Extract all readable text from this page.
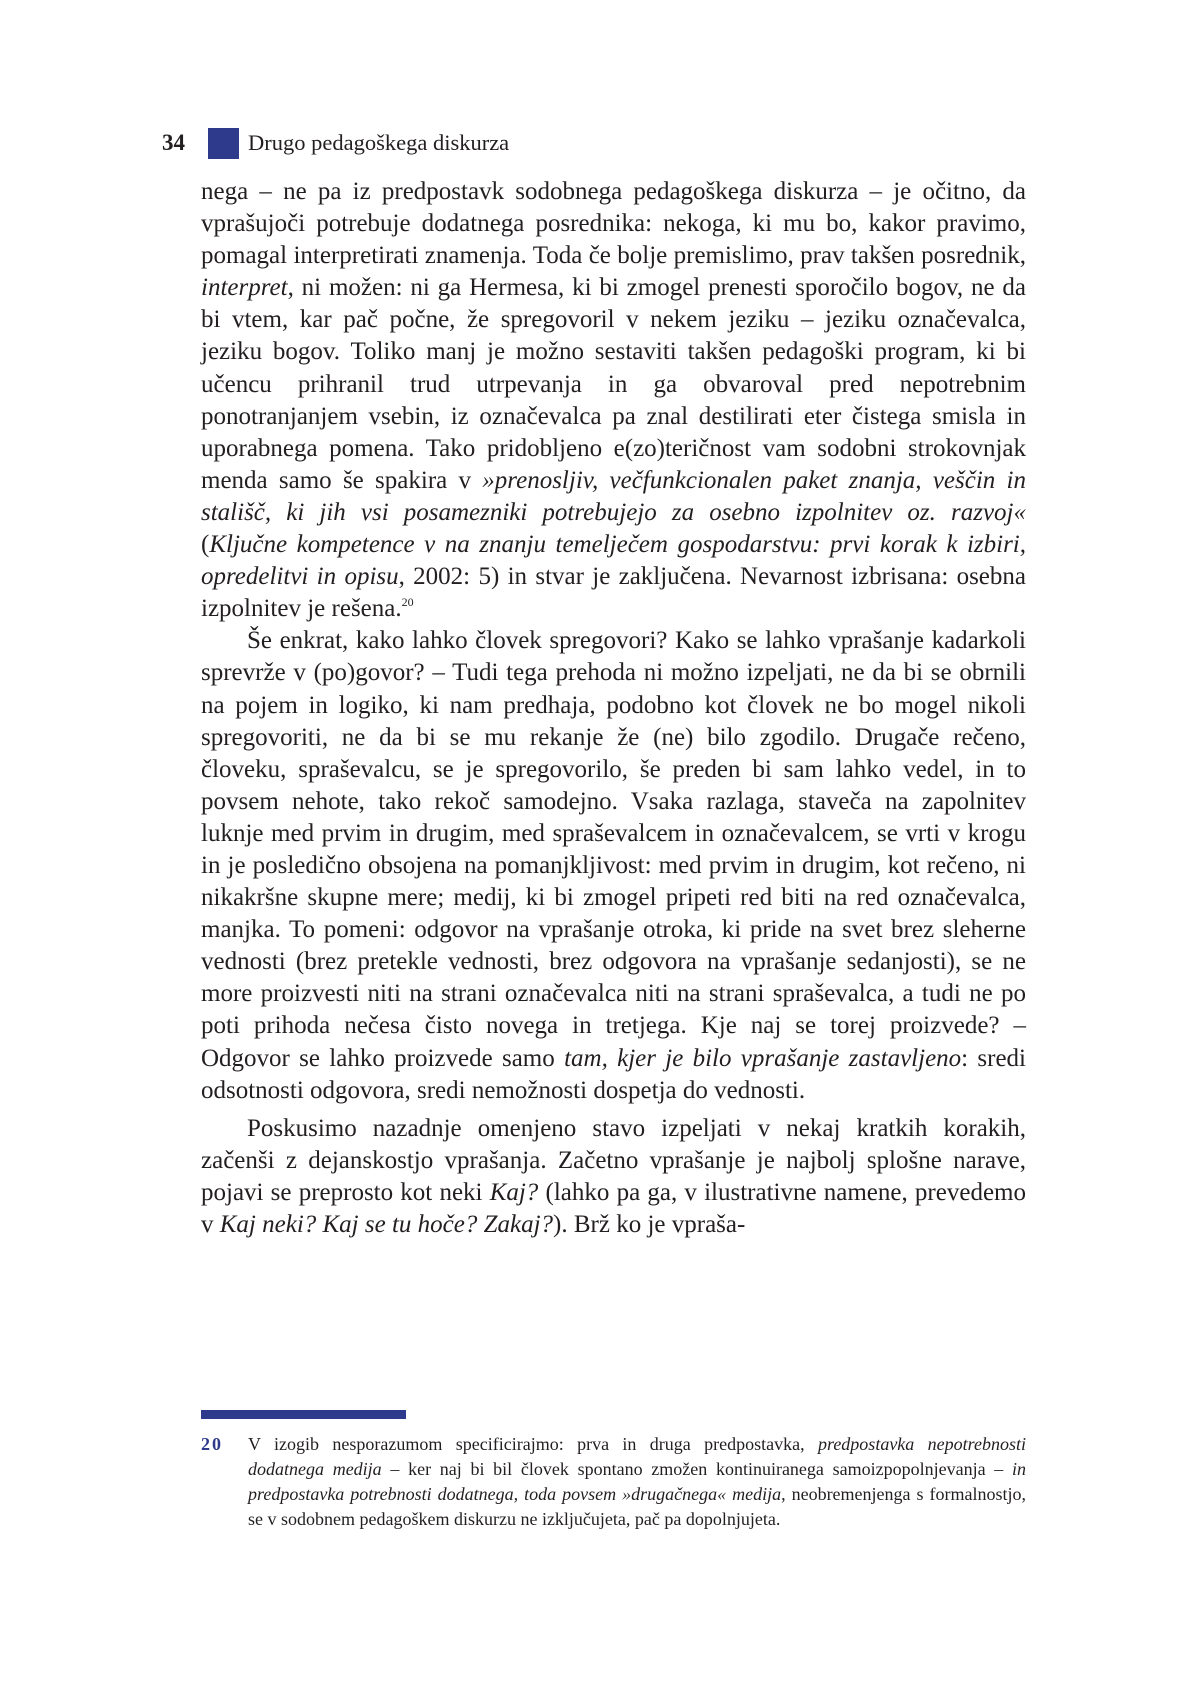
34	Drugo pedagoškega diskurza

nega – ne pa iz predpostavk sodobnega pedagoškega diskurza – je očitno, da vprašujoči potrebuje dodatnega posrednika: nekoga, ki mu bo, kakor pravimo, pomagal interpretirati znamenja. Toda če bolje premislimo, prav takšen posrednik, interpret, ni možen: ni ga Hermesa, ki bi zmogel prenesti sporočilo bogov, ne da bi vtem, kar pač počne, že spregovoril v nekem jeziku – jeziku označevalca, jeziku bogov. Toliko manj je možno sestaviti takšen pedagoški program, ki bi učencu prihranil trud utrpevanja in ga obvaroval pred nepotrebnim ponotranjanjem vsebin, iz označevalca pa znal destilirati eter čistega smisla in uporabnega pomena. Tako pridobljeno e(zo)teričnost vam sodobni strokovnjak menda samo še spakira v »prenosljiv, večfunkcionalen paket znanja, veščin in stališč, ki jih vsi posamezniki potrebujejo za osebno izpolnitev oz. razvoj« (Ključne kompetence v na znanju temelječem gospodarstvu: prvi korak k izbiri, opredelitvi in opisu, 2002: 5) in stvar je zaključena. Nevarnost izbrisana: osebna izpolnitev je rešena.$^{20}$

Še enkrat, kako lahko človek spregovori? Kako se lahko vprašanje kadarkoli sprevrže v (po)govor? – Tudi tega prehoda ni možno izpeljati, ne da bi se obrnili na pojem in logiko, ki nam predhaja, podobno kot človek ne bo mogel nikoli spregovoriti, ne da bi se mu rekanje že (ne) bilo zgodilo. Drugače rečeno, človeku, spraševalcu, se je spregovorilo, še preden bi sam lahko vedel, in to povsem nehote, tako rekoč samodejno. Vsaka razlaga, staveča na zapolnitev luknje med prvim in drugim, med spraševalcem in označevalcem, se vrti v krogu in je posledično obsojena na pomanjkljivost: med prvim in drugim, kot rečeno, ni nikakršne skupne mere; medij, ki bi zmogel pripeti red biti na red označevalca, manjka. To pomeni: odgovor na vprašanje otroka, ki pride na svet brez sleherne vednosti (brez pretekle vednosti, brez odgovora na vprašanje sedanjosti), se ne more proizvesti niti na strani označevalca niti na strani spraševalca, a tudi ne po poti prihoda nečesa čisto novega in tretjega. Kje naj se torej proizvede? – Odgovor se lahko proizvede samo tam, kjer je bilo vprašanje zastavljeno: sredi odsotnosti odgovora, sredi nemožnosti dospetja do vednosti.

Poskusimo nazadnje omenjeno stavo izpeljati v nekaj kratkih korakih, začenši z dejanskostjo vprašanja. Začetno vprašanje je najbolj splošne narave, pojavi se preprosto kot neki Kaj? (lahko pa ga, v ilustrativne namene, prevedemo v Kaj neki? Kaj se tu hoče? Zakaj?). Brž ko je vpraša-

20 V izogib nesporazumom specificirajmo: prva in druga predpostavka, predpostavka nepotrebnosti dodatnega medija – ker naj bi bil človek spontano zmožen kontinuiranega samoizpopolnjevanja – in predpostavka potrebnosti dodatnega, toda povsem »drugačnega« medija, neobremenjenga s formalnostjo, se v sodobnem pedagoškem diskurzu ne izključujeta, pač pa dopolnjujeta.
